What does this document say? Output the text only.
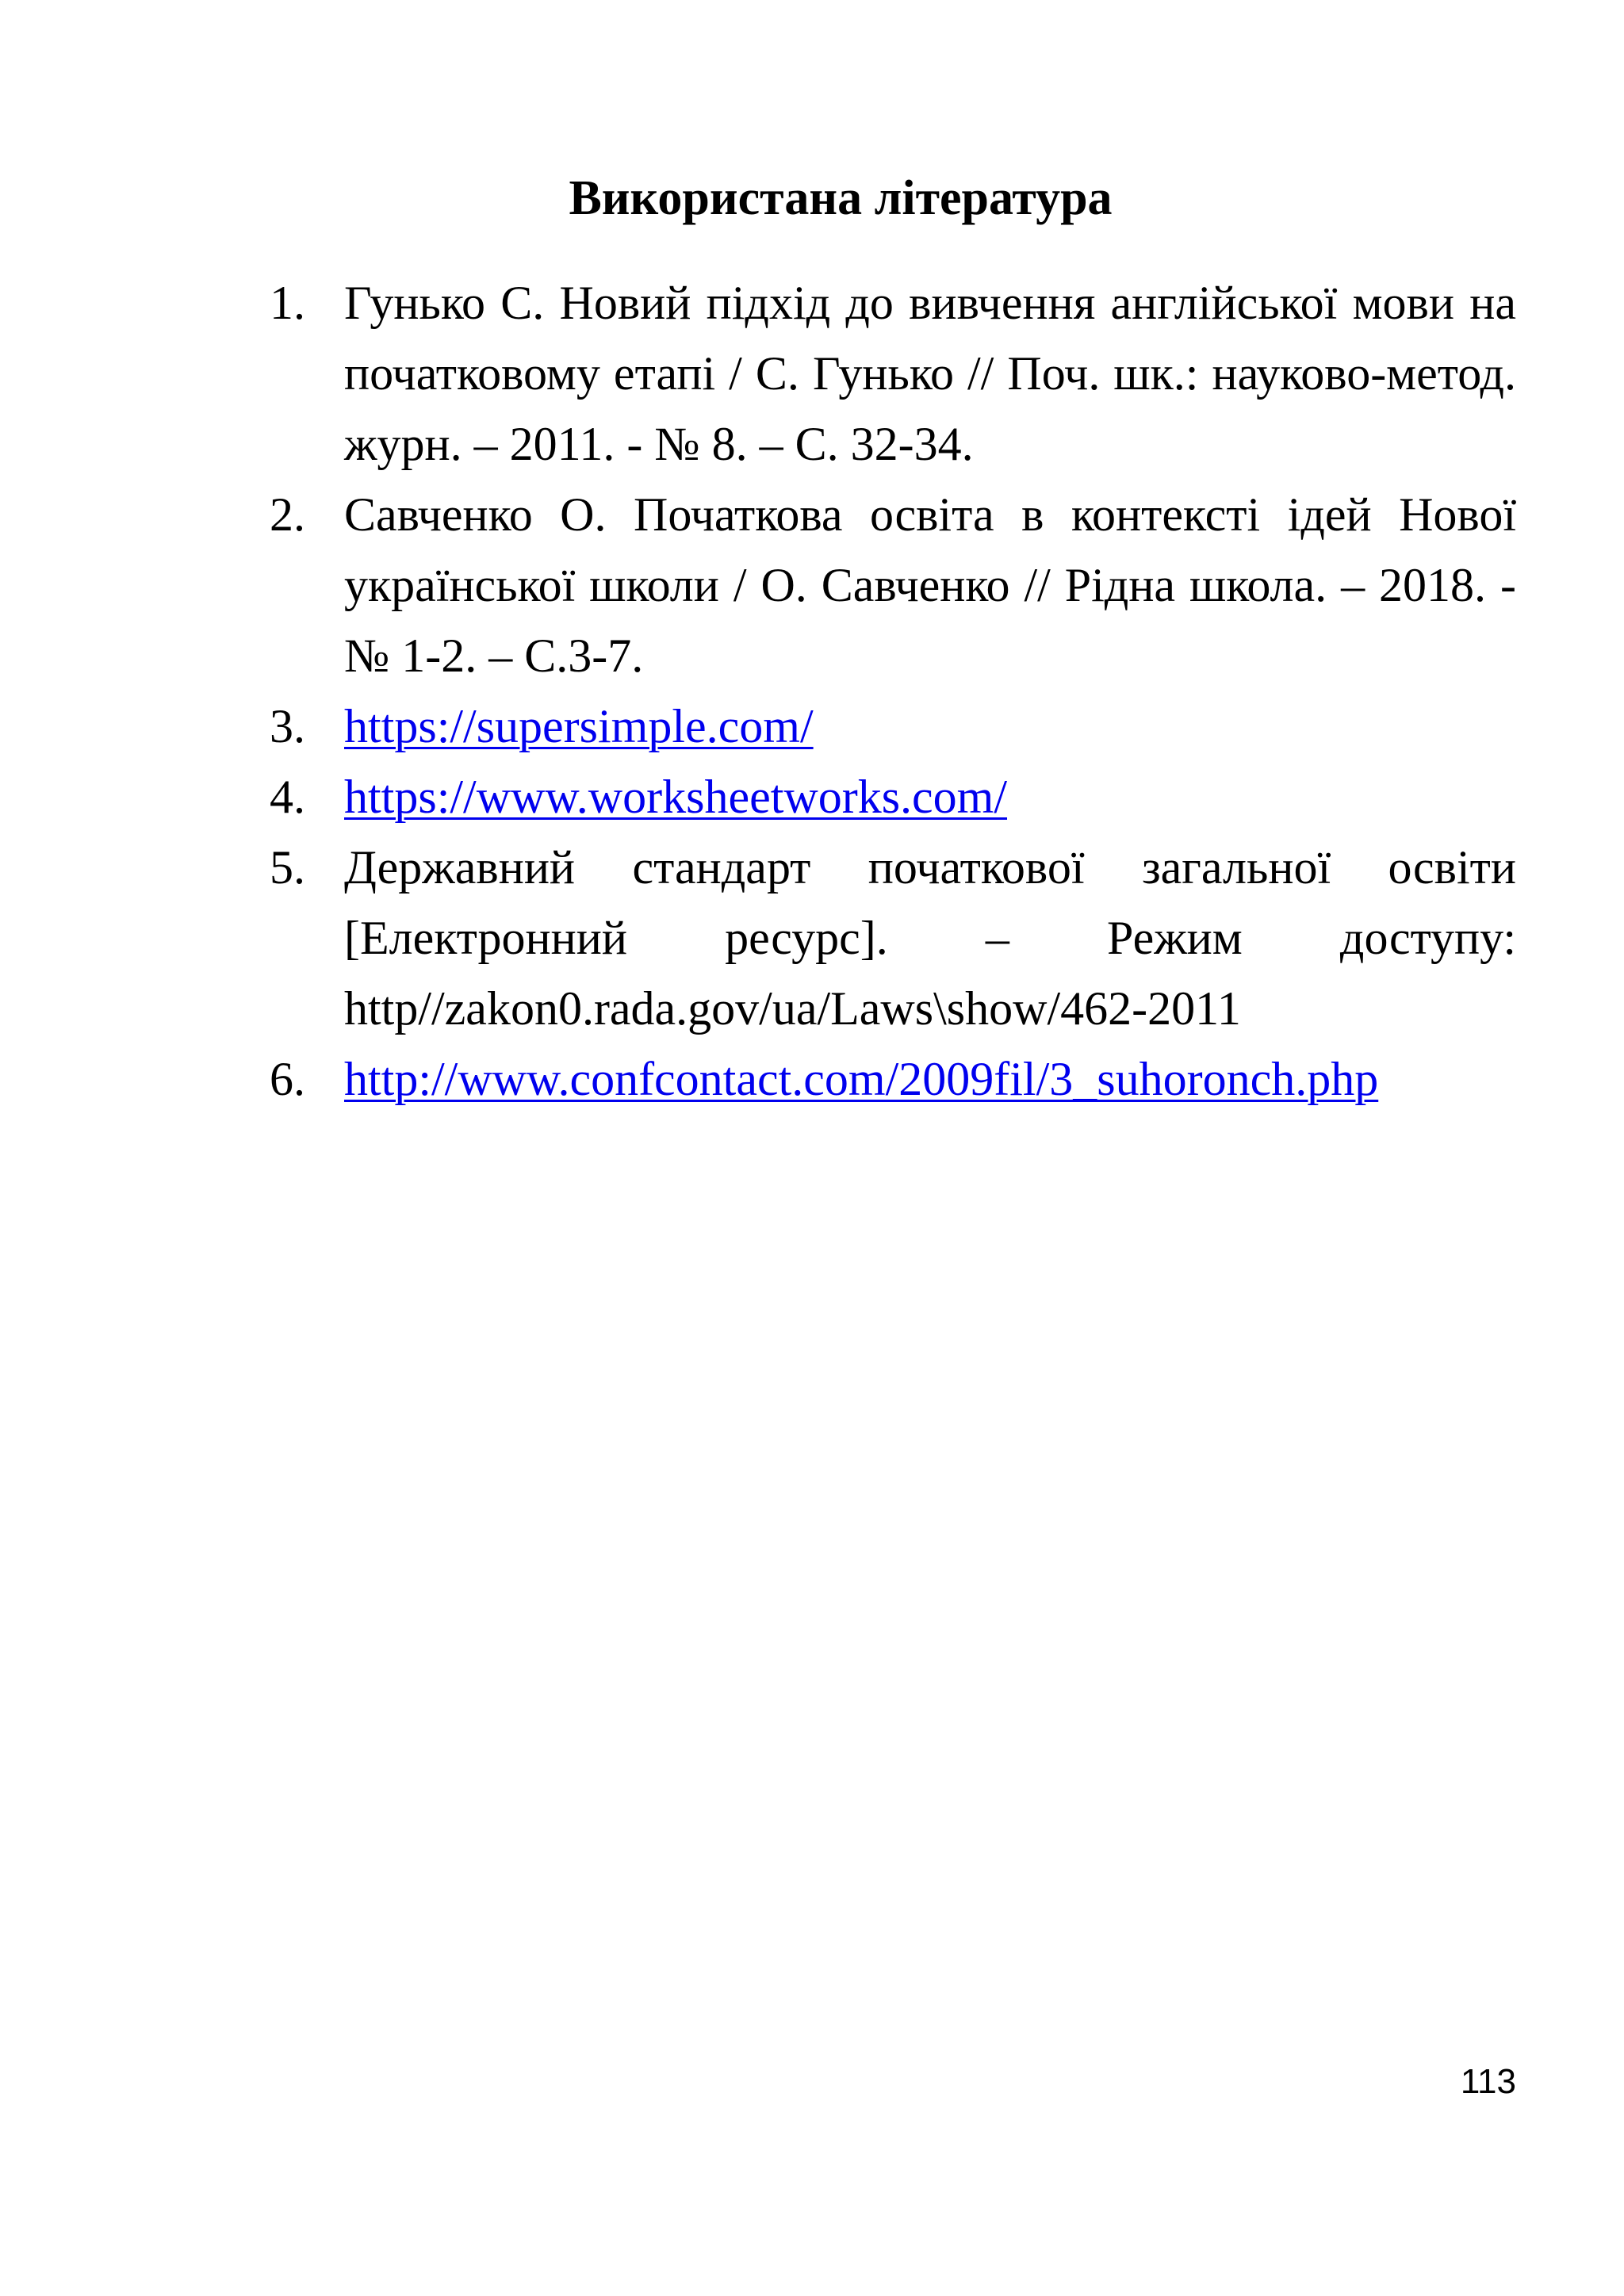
Використана література
1. Гунько С. Новий підхід до вивчення англійської мови на початковому етапі / С. Гунько // Поч. шк.: науково-метод. журн. – 2011. - № 8. – С. 32-34.
2. Савченко О. Початкова освіта в контексті ідей Нової української школи / О. Савченко // Рідна школа. – 2018. - № 1-2. – С.3-7.
3. https://supersimple.com/
4. https://www.worksheetworks.com/
5. Державний стандарт початкової загальної освіти [Електронний ресурс]. – Режим доступу: http//zakon0.rada.gov/ua/Laws\show/462-2011
6. http://www.confcontact.com/2009fil/3_suhoronch.php
113
